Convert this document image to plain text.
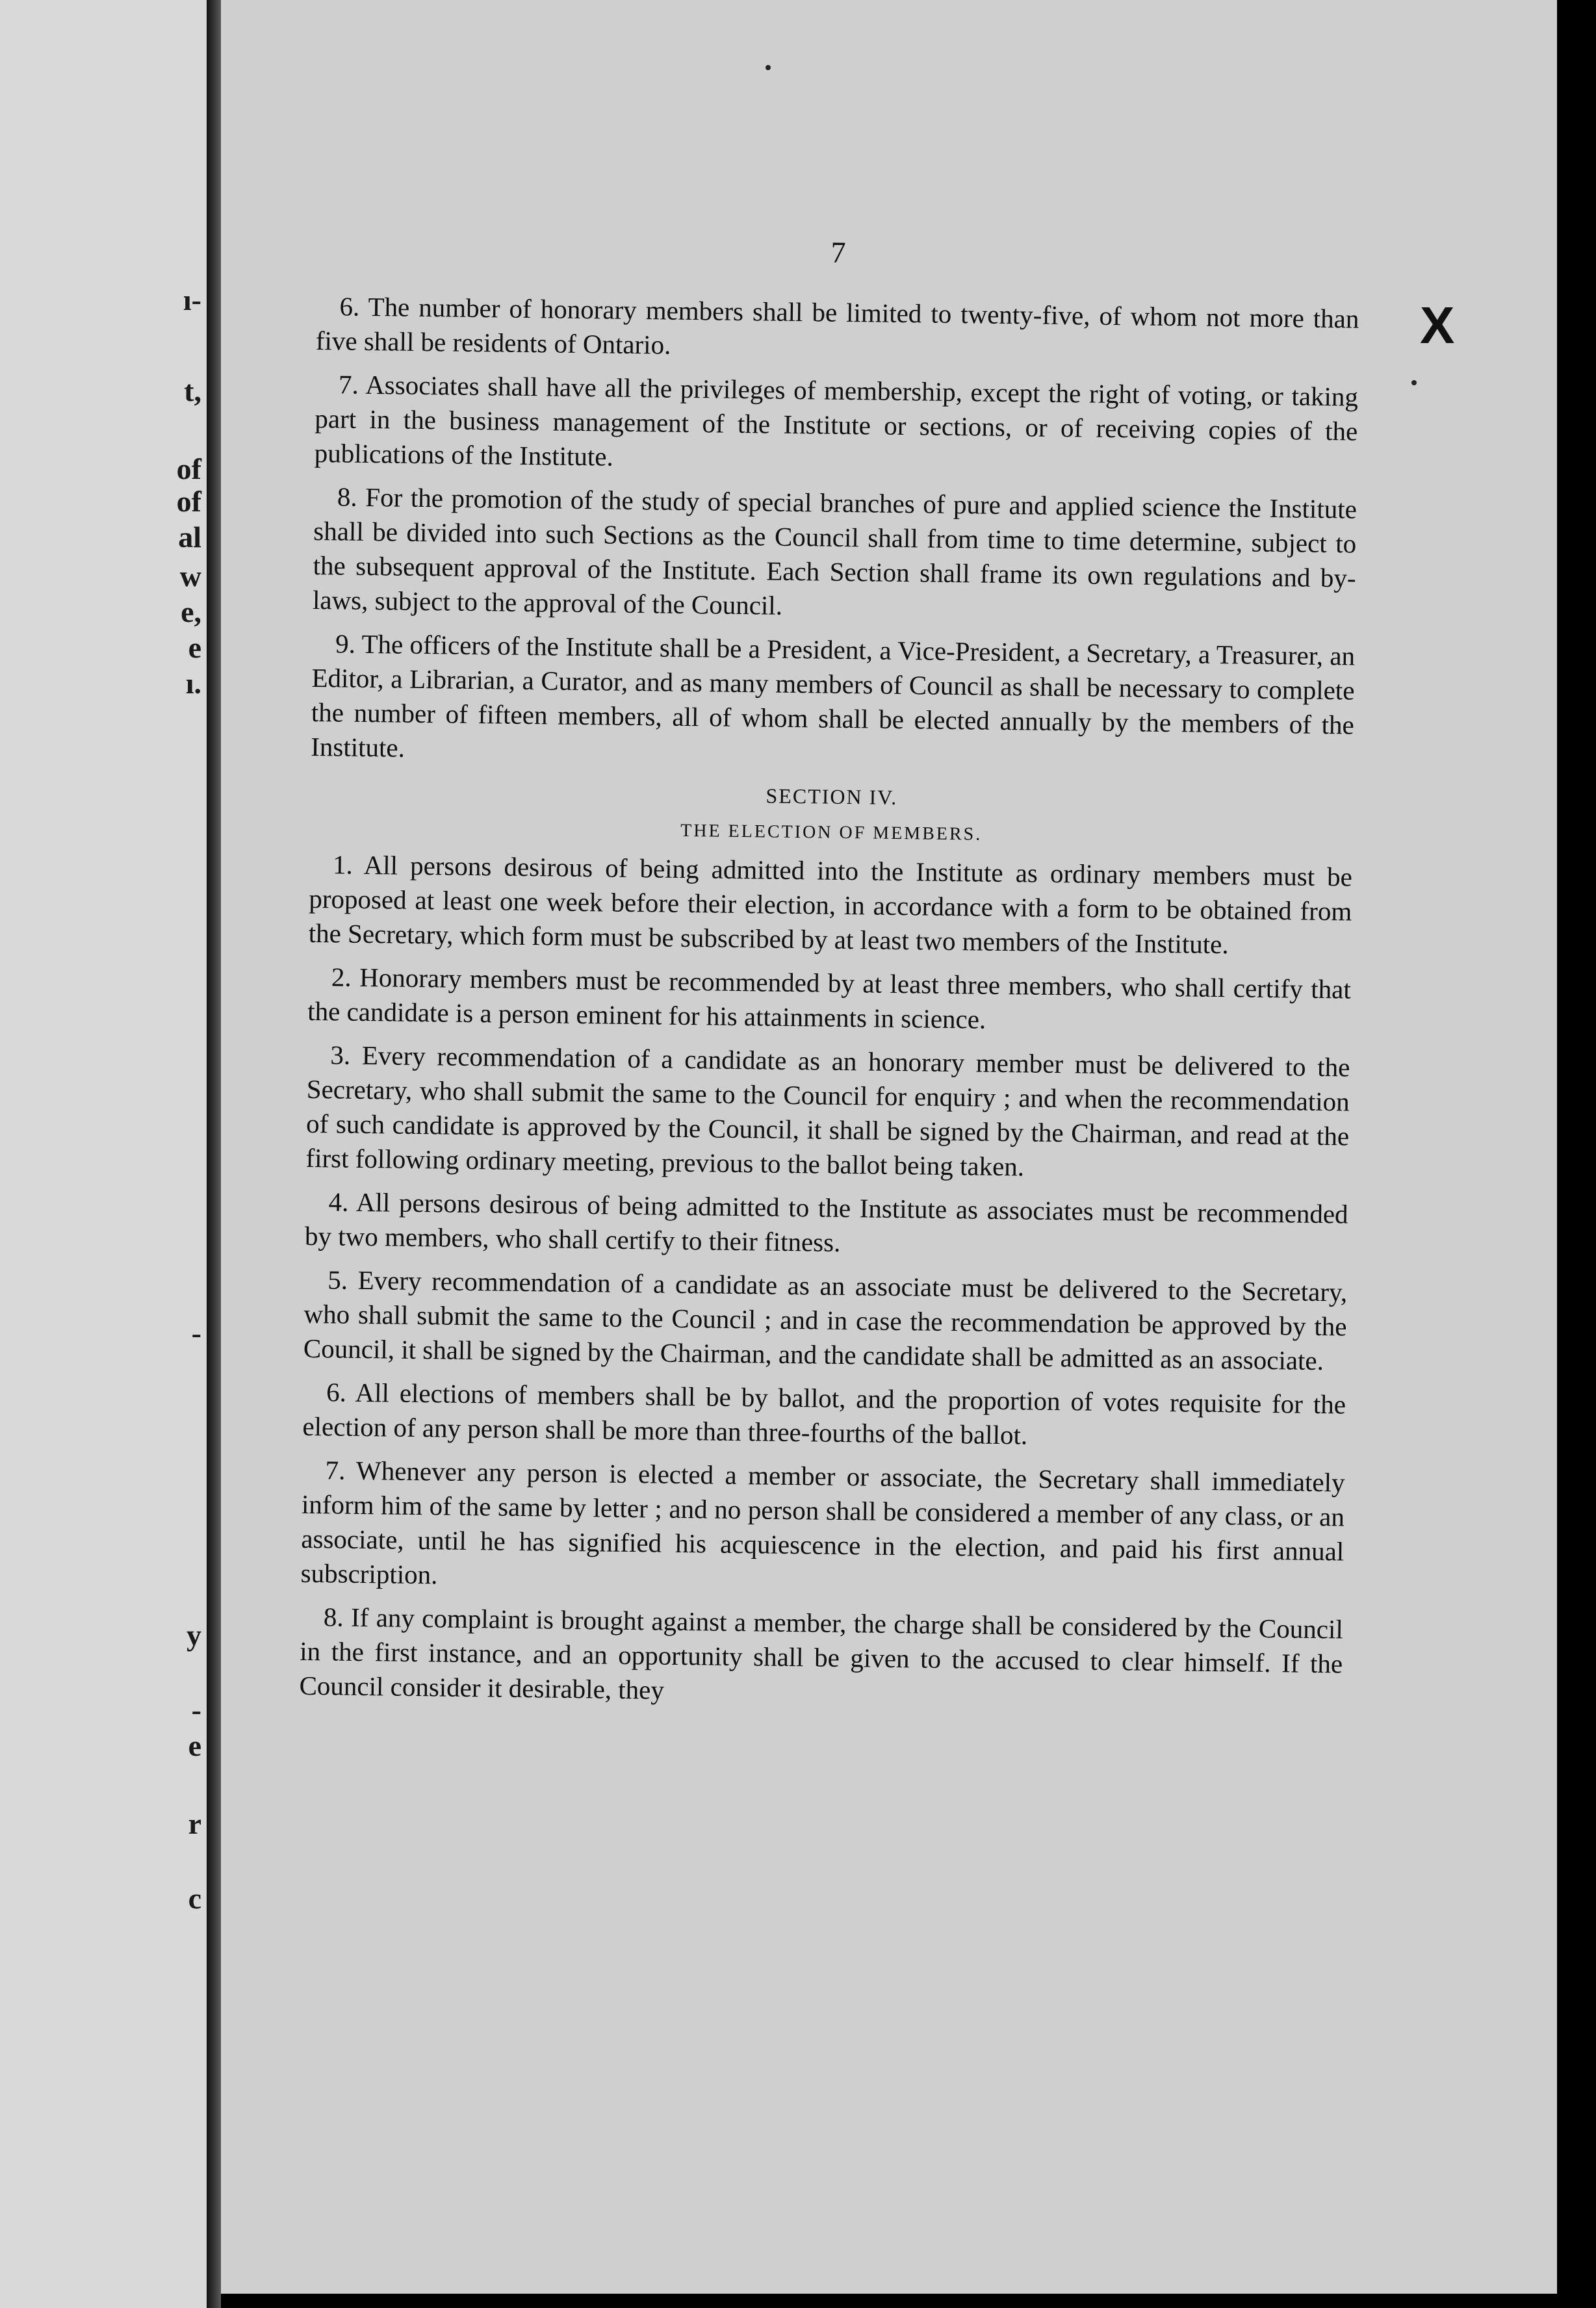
ı-
t,
of
of
al
w
e,
e
ı.
-
y
-
e
r
c
7

6. The number of honorary members shall be limited to twenty-five, of whom not more than five shall be residents of Ontario.

7. Associates shall have all the privileges of membership, except the right of voting, or taking part in the business management of the Institute or sections, or of receiving copies of the publications of the Institute.

8. For the promotion of the study of special branches of pure and applied science the Institute shall be divided into such Sections as the Council shall from time to time determine, subject to the subsequent approval of the Institute. Each Section shall frame its own regulations and by-laws, subject to the approval of the Council.

9. The officers of the Institute shall be a President, a Vice-President, a Secretary, a Treasurer, an Editor, a Librarian, a Curator, and as many members of Council as shall be necessary to complete the number of fifteen members, all of whom shall be elected annually by the members of the Institute.

SECTION IV.
THE ELECTION OF MEMBERS.

1. All persons desirous of being admitted into the Institute as ordinary members must be proposed at least one week before their election, in accordance with a form to be obtained from the Secretary, which form must be subscribed by at least two members of the Institute.

2. Honorary members must be recommended by at least three members, who shall certify that the candidate is a person eminent for his attainments in science.

3. Every recommendation of a candidate as an honorary member must be delivered to the Secretary, who shall submit the same to the Council for enquiry ; and when the recommendation of such candidate is approved by the Council, it shall be signed by the Chairman, and read at the first following ordinary meeting, previous to the ballot being taken.

4. All persons desirous of being admitted to the Institute as associates must be recommended by two members, who shall certify to their fitness.

5. Every recommendation of a candidate as an associate must be delivered to the Secretary, who shall submit the same to the Council ; and in case the recommendation be approved by the Council, it shall be signed by the Chairman, and the candidate shall be admitted as an associate.

6. All elections of members shall be by ballot, and the proportion of votes requisite for the election of any person shall be more than three-fourths of the ballot.

7. Whenever any person is elected a member or associate, the Secretary shall immediately inform him of the same by letter ; and no person shall be considered a member of any class, or an associate, until he has signified his acquiescence in the election, and paid his first annual subscription.

8. If any complaint is brought against a member, the charge shall be considered by the Council in the first instance, and an opportunity shall be given to the accused to clear himself. If the Council consider it desirable, they

X
